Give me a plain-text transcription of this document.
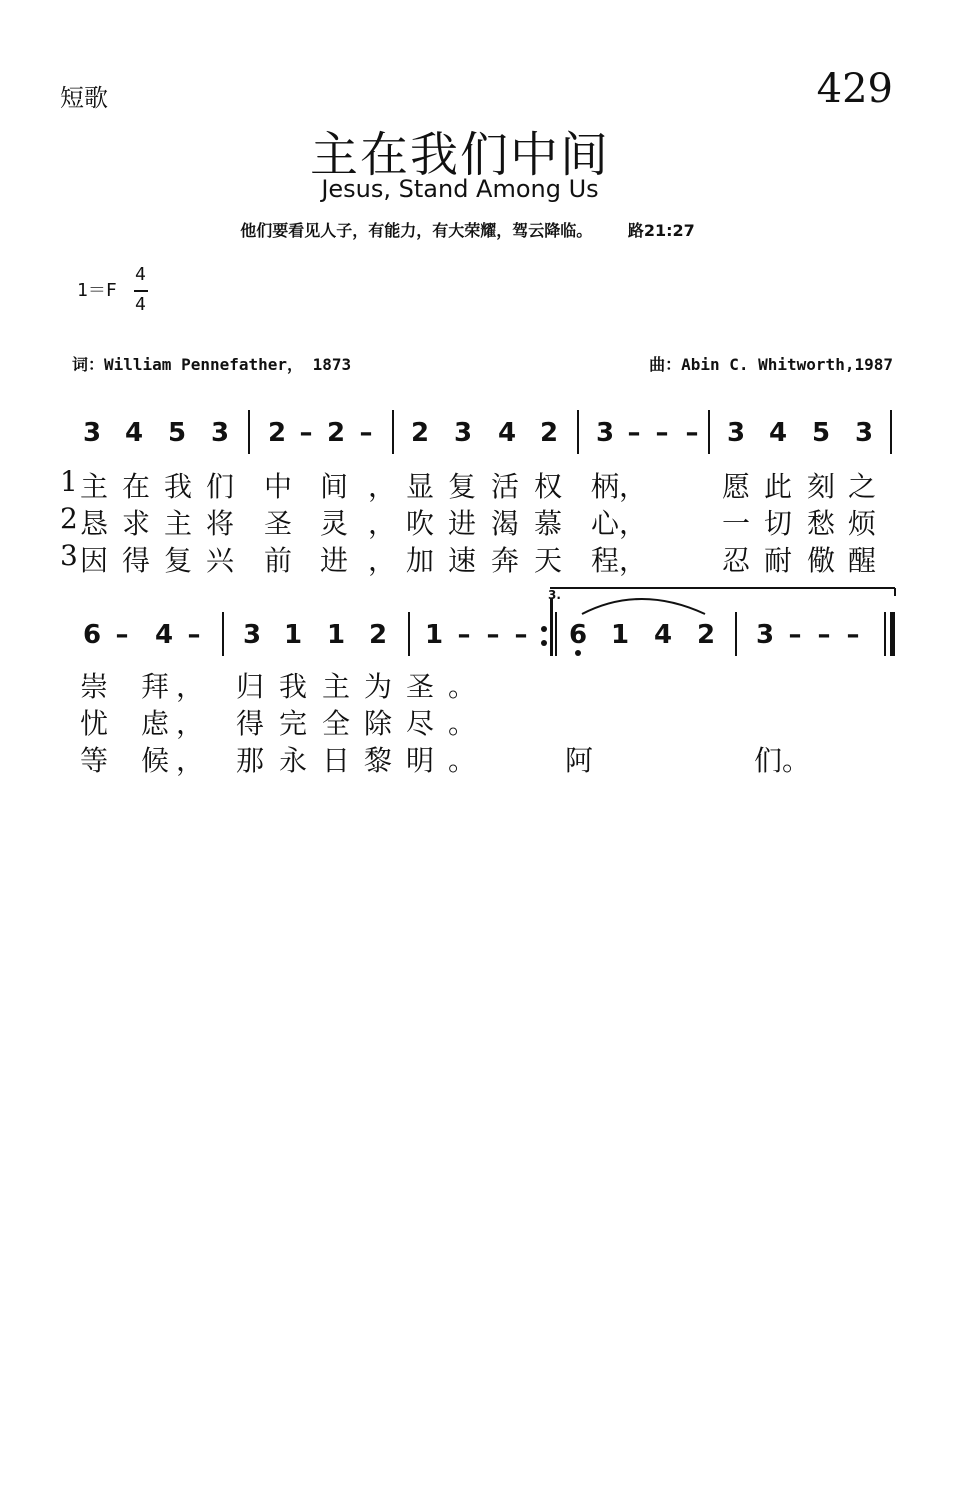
短歌	429
主在我们中间
Jesus, Stand Among Us
他们要看见人子，有能力，有大荣耀，驾云降临。 路21:27
1＝F
4
4
词：William Pennefather， 1873	曲：Abin C. Whitworth,1987
3 4 5 3 2 – 2 – 2 3 4 2 3 – – – 3 4 5 3
1
2
3
主 在 我 们 中 间 ， 显 复 活 权 柄 ，	愿 此 刻 之
恳 求 主 将 圣 灵 ， 吹 进 渴 慕 心 ，	一 切 愁 烦
因 得 复 兴 前 进 ， 加 速 奔 天 程 ，	忍 耐 儆 醒
6 – 4 – 3 1 1 2 1 – – – 6 1 4 2 3 – – –
崇 拜 ， 归 我 主 为 圣 。
忧 虑 ， 得 完 全 除 尽 。
等 候 ， 那 永 日 黎 明 。	阿	们。
3.
